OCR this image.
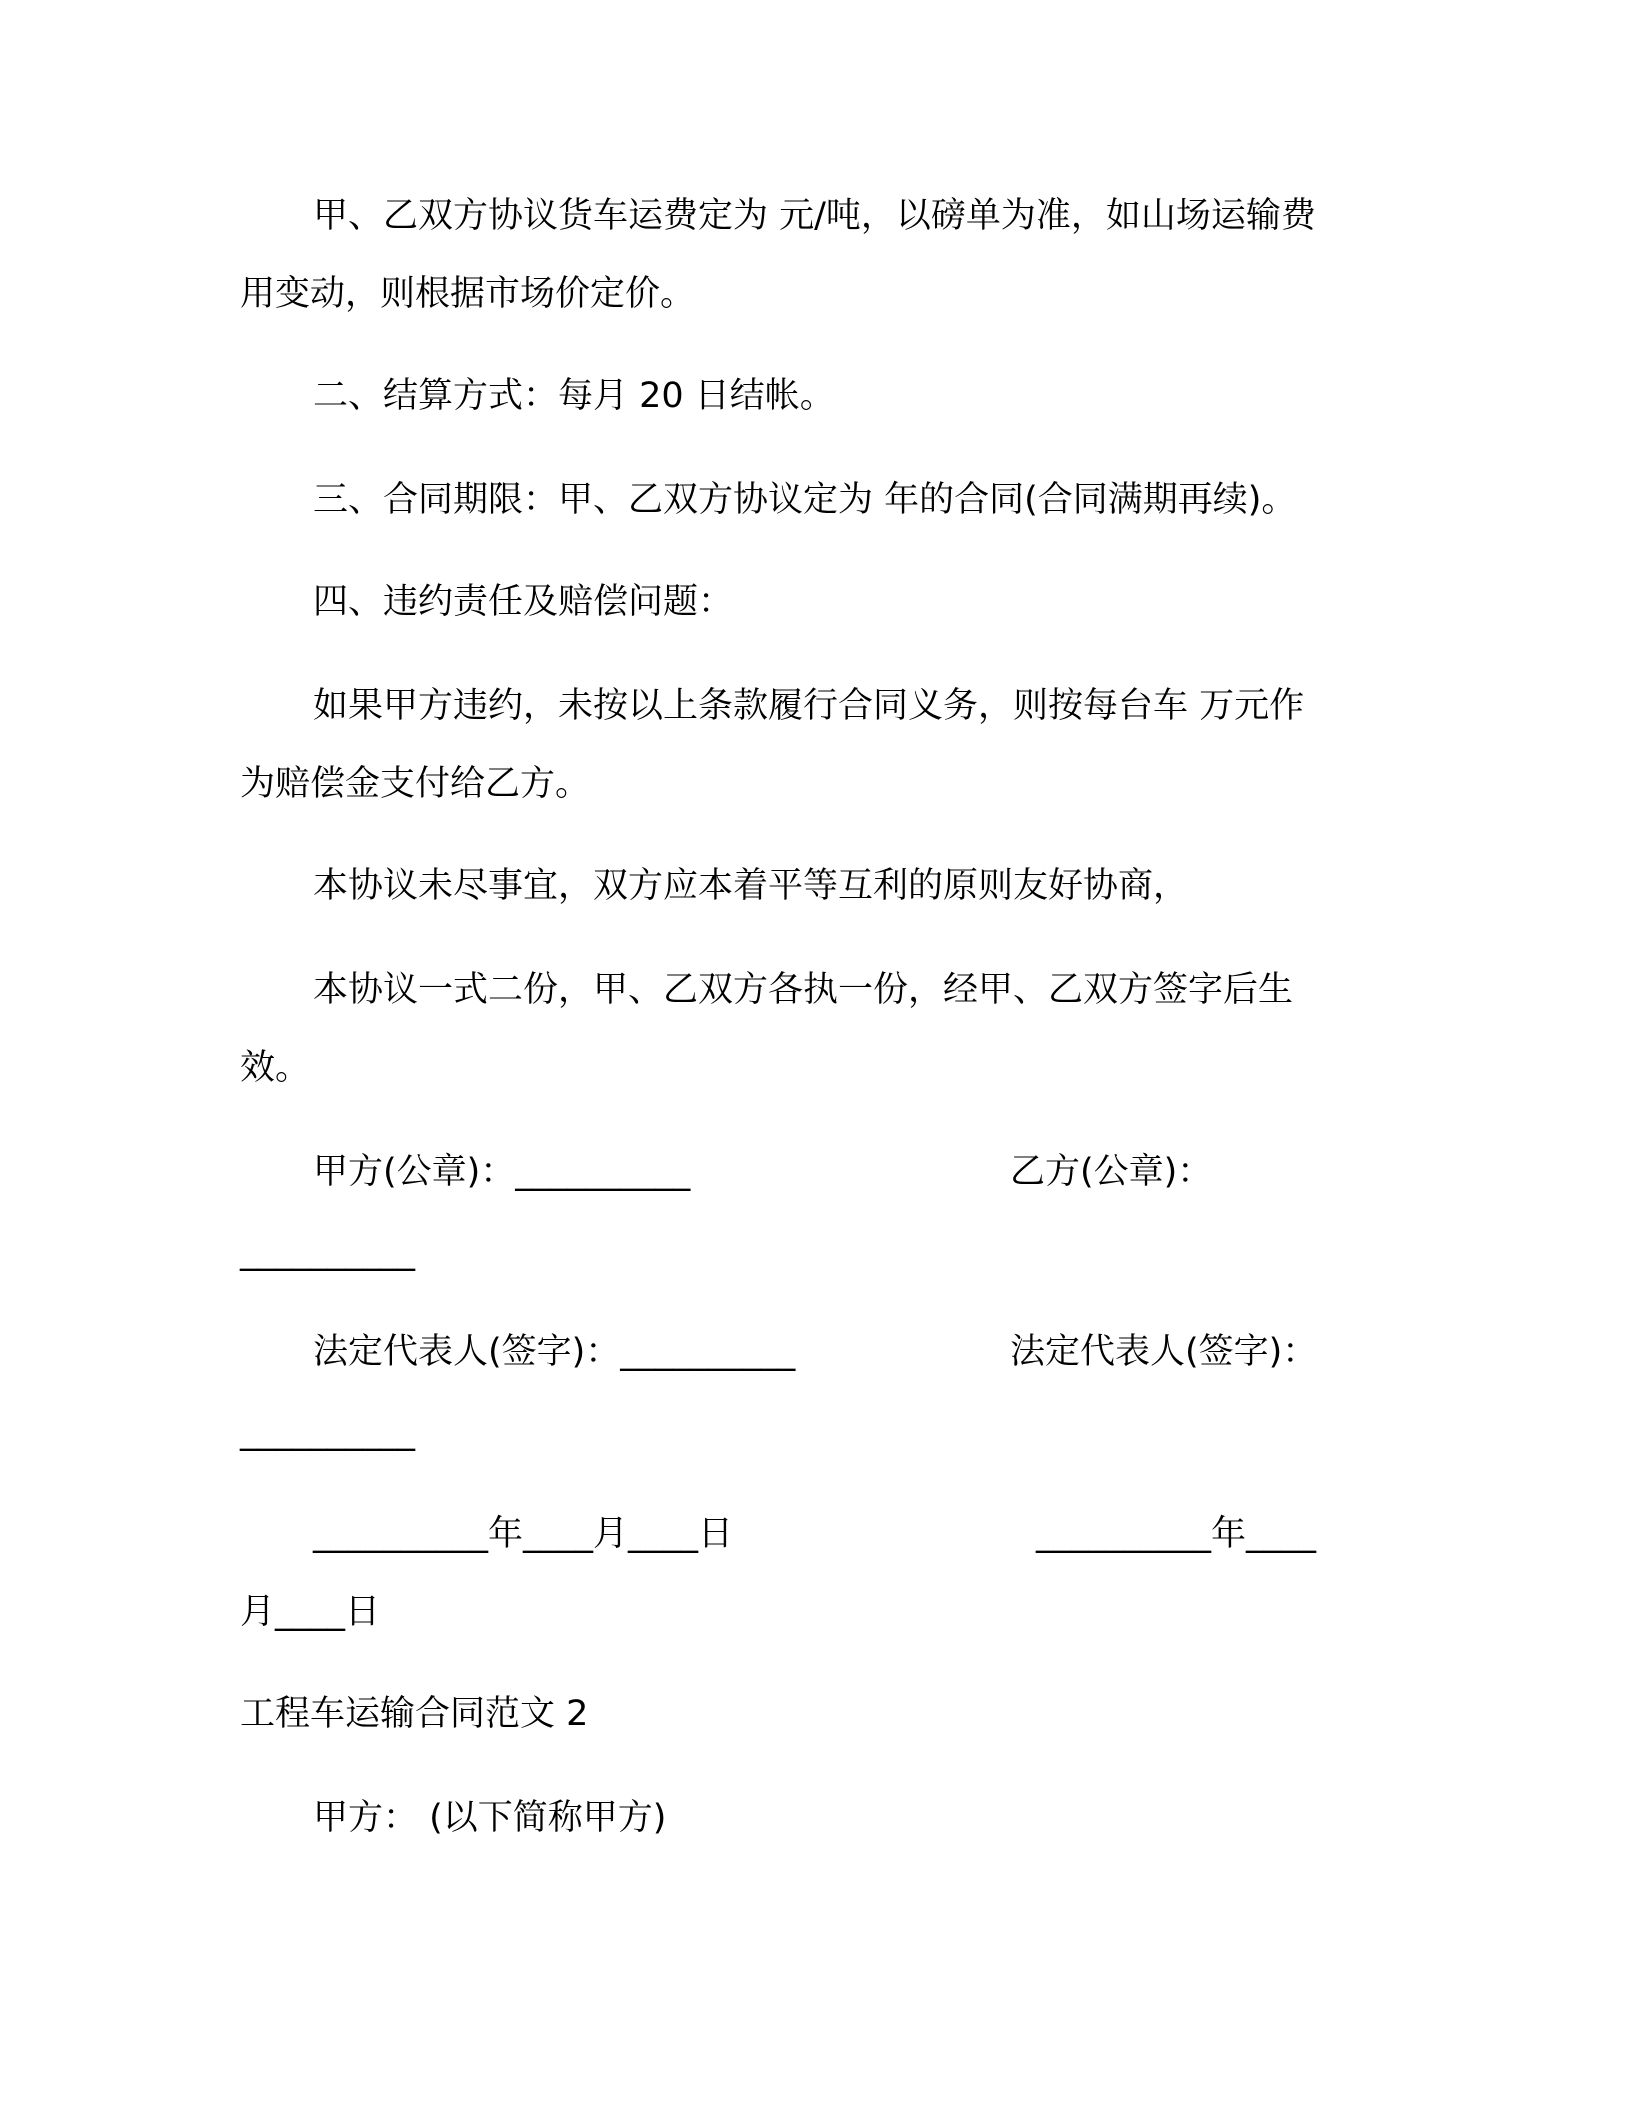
甲、乙双方协议货车运费定为 元/吨，以磅单为准，如山场运输费
用变动，则根据市场价定价。
二、结算方式：每月 20 日结帐。
三、合同期限：甲、乙双方协议定为 年的合同(合同满期再续)。
四、违约责任及赔偿问题：
如果甲方违约，未按以上条款履行合同义务，则按每台车 万元作
为赔偿金支付给乙方。
本协议未尽事宜，双方应本着平等互利的原则友好协商，
本协议一式二份，甲、乙双方各执一份，经甲、乙双方签字后生
效。
甲方(公章)：__________	乙方(公章)：
__________
法定代表人(签字)：__________	法定代表人(签字)：
__________
__________年____月____日	__________年____
月____日
工程车运输合同范文 2
甲方： (以下简称甲方)
